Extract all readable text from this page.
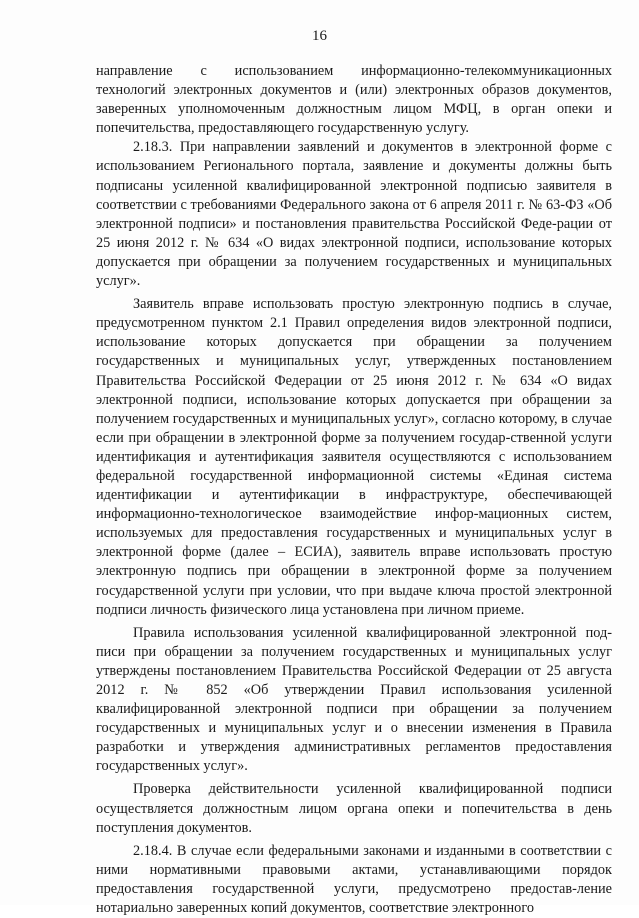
16

направление с использованием информационно-телекоммуникационных технологий электронных документов и (или) электронных образов документов, заверенных уполномоченным должностным лицом МФЦ, в орган опеки и попечительства, предоставляющего государственную услугу.

2.18.3. При направлении заявлений и документов в электронной форме с использованием Регионального портала, заявление и документы должны быть подписаны усиленной квалифицированной электронной подписью заявителя в соответствии с требованиями Федерального закона от 6 апреля 2011 г. № 63-ФЗ «Об электронной подписи» и постановления правительства Российской Феде-рации от 25 июня 2012 г. № 634 «О видах электронной подписи, использование которых допускается при обращении за получением государственных и муниципальных услуг».

Заявитель вправе использовать простую электронную подпись в случае, предусмотренном пунктом 2.1 Правил определения видов электронной подписи, использование которых допускается при обращении за получением государственных и муниципальных услуг, утвержденных постановлением Правительства Российской Федерации от 25 июня 2012 г. № 634 «О видах электронной подписи, использование которых допускается при обращении за получением государственных и муниципальных услуг», согласно которому, в случае если при обращении в электронной форме за получением государ-ственной услуги идентификация и аутентификация заявителя осуществляются с использованием федеральной государственной информационной системы «Единая система идентификации и аутентификации в инфраструктуре, обеспечивающей информационно-технологическое взаимодействие инфор-мационных систем, используемых для предоставления государственных и муниципальных услуг в электронной форме (далее – ЕСИА), заявитель вправе использовать простую электронную подпись при обращении в электронной форме за получением государственной услуги при условии, что при выдаче ключа простой электронной подписи личность физического лица установлена при личном приеме.

Правила использования усиленной квалифицированной электронной под-писи при обращении за получением государственных и муниципальных услуг утверждены постановлением Правительства Российской Федерации от 25 августа 2012 г. № 852 «Об утверждении Правил использования усиленной квалифицированной электронной подписи при обращении за получением государственных и муниципальных услуг и о внесении изменения в Правила разработки и утверждения административных регламентов предоставления государственных услуг».

Проверка действительности усиленной квалифицированной подписи осуществляется должностным лицом органа опеки и попечительства в день поступления документов.

2.18.4. В случае если федеральными законами и изданными в соответствии с ними нормативными правовыми актами, устанавливающими порядок предоставления государственной услуги, предусмотрено предостав-ление нотариально заверенных копий документов, соответствие электронного
